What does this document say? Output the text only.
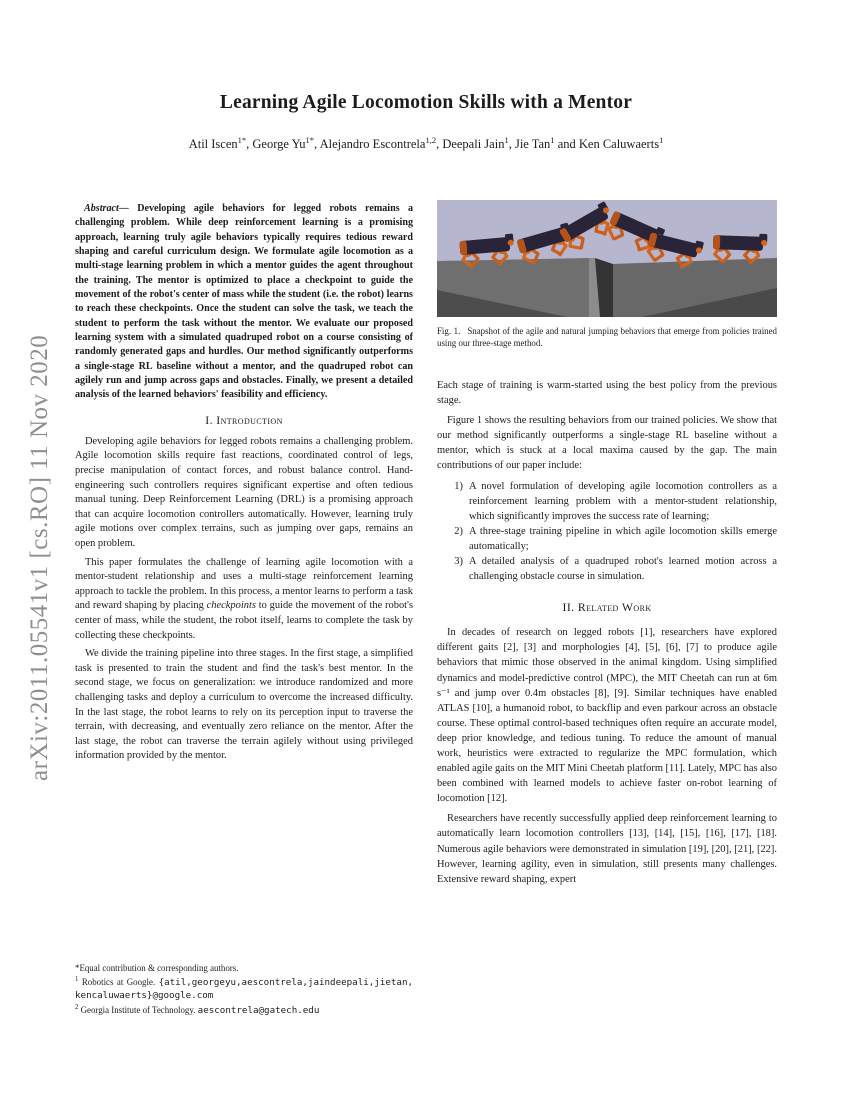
arXiv:2011.05541v1 [cs.RO] 11 Nov 2020
Learning Agile Locomotion Skills with a Mentor
Atil Iscen$^{1*}$, George $Yu^{1*}$, Alejandro Escontrela$^{1,2}$, Deepali Jain$^1$, Jie Tan$^1$ and Ken Caluwaerts$^1$

Abstract— Developing agile behaviors for legged robots remains a challenging problem. While deep reinforcement learning is a promising approach, learning truly agile behaviors typically requires tedious reward shaping and careful curriculum design. We formulate agile locomotion as a multi-stage learning problem in which a mentor guides the agent throughout the training. The mentor is optimized to place a checkpoint to guide the movement of the robot's center of mass while the student (i.e. the robot) learns to reach these checkpoints. Once the student can solve the task, we teach the student to perform the task without the mentor. We evaluate our proposed learning system with a simulated quadruped robot on a course consisting of randomly generated gaps and hurdles. Our method significantly outperforms a single-stage RL baseline without a mentor, and the quadruped robot can agilely run and jump across gaps and obstacles. Finally, we present a detailed analysis of the learned behaviors' feasibility and efficiency.

I. Introduction

Developing agile behaviors for legged robots remains a challenging problem. Agile locomotion skills require fast reactions, coordinated control of legs, precise manipulation of contact forces, and robust balance control. Hand-engineering such controllers requires significant expertise and often tedious manual tuning. Deep Reinforcement Learning (DRL) is a promising approach that can acquire locomotion controllers automatically. However, learning truly agile motions over complex terrains, such as jumping over gaps, remains an open problem.

This paper formulates the challenge of learning agile locomotion with a mentor-student relationship and uses a multi-stage reinforcement learning approach to tackle the problem. In this process, a mentor learns to perform a task and reward shaping by placing checkpoints to guide the movement of the robot's center of mass, while the student, the robot itself, learns to complete the task by collecting these checkpoints.

We divide the training pipeline into three stages. In the first stage, a simplified task is presented to train the student and find the task's best mentor. In the second stage, we focus on generalization: we introduce randomized and more challenging tasks and deploy a curriculum to overcome the increased difficulty. In the last stage, the robot learns to rely on its perception input to traverse the terrain, with decreasing, and eventually zero reliance on the mentor. After the last stage, the robot can traverse the terrain agilely without using privileged information provided by the mentor.

*Equal contribution & corresponding authors.

$^1$ Robotics at Google. {atil,georgeyu,aescontrela,jaindeepali,jietan,kencaluwaerts}@google.com

$^2$ Georgia Institute of Technology. aescontrela@gatech.edu

Fig. 1. Snapshot of the agile and natural jumping behaviors that emerge from policies trained using our three-stage method.

Each stage of training is warm-started using the best policy from the previous stage.

Figure 1 shows the resulting behaviors from our trained policies. We show that our method significantly outperforms a single-stage RL baseline without a mentor, which is stuck at a local maxima caused by the gap. The main contributions of our paper include:

1) A novel formulation of developing agile locomotion controllers as a reinforcement learning problem with a mentor-student relationship, which significantly improves the success rate of learning;
2) A three-stage training pipeline in which agile locomotion skills emerge automatically;
3) A detailed analysis of a quadruped robot's learned motion across a challenging obstacle course in simulation.
II. Related Work

In decades of research on legged robots [1], researchers have explored different gaits [2], [3] and morphologies [4], [5], [6], [7] to produce agile behaviors that mimic those observed in the animal kingdom. Using simplified dynamics and model-predictive control (MPC), the MIT Cheetah can run at 6m s⁻¹ and jump over 0.4m obstacles [8], [9]. Similar techniques have enabled ATLAS [10], a humanoid robot, to backflip and even parkour across an obstacle course. These optimal control-based techniques often require an accurate model, deep prior knowledge, and tedious tuning. To reduce the amount of manual work, heuristics were extracted to regularize the MPC formulation, which enabled agile gaits on the MIT Mini Cheetah platform [11]. Lately, MPC has also been combined with learned models to achieve faster on-robot learning of locomotion [12].

Researchers have recently successfully applied deep reinforcement learning to automatically learn locomotion controllers [13], [14], [15], [16], [17], [18]. Numerous agile behaviors were demonstrated in simulation [19], [20], [21], [22]. However, learning agility, even in simulation, still presents many challenges. Extensive reward shaping, expert
